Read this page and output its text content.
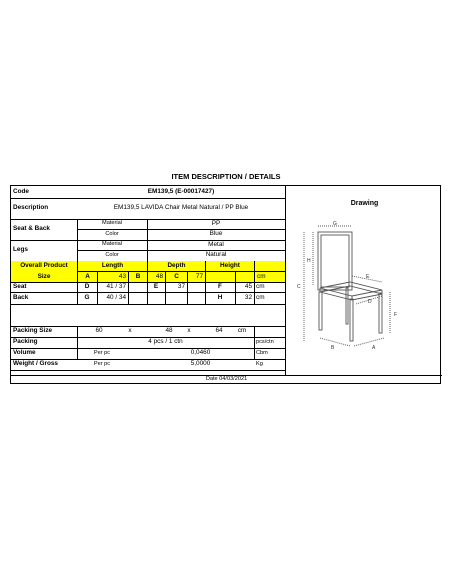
ITEM DESCRIPTION / DETAILS
Code	EM139,5 (E-00017427)
Description	EM139,5 LAVIDA Chair Metal Natural / PP Blue
Seat & Back
Material	PP
Color	Blue
Legs
Material	Metal
Color	Natural
Overall Product
Size
Length	Depth	Height
A	43	B	48	C	77	cm
Seat	D	41 / 37	E	37	F	45 cm
Back	G	40 / 34	H	32 cm
Packing Size	60	x	48	x	64	cm
Packing	4 pcs / 1 ctn	pcs/ctn
Volume	Per pc	0,0460	Cbm
Weight / Gross	Per pc	5,0000	Kg
Date 04/03/2021
Drawing
G
H
C
E
D
F
B	A
